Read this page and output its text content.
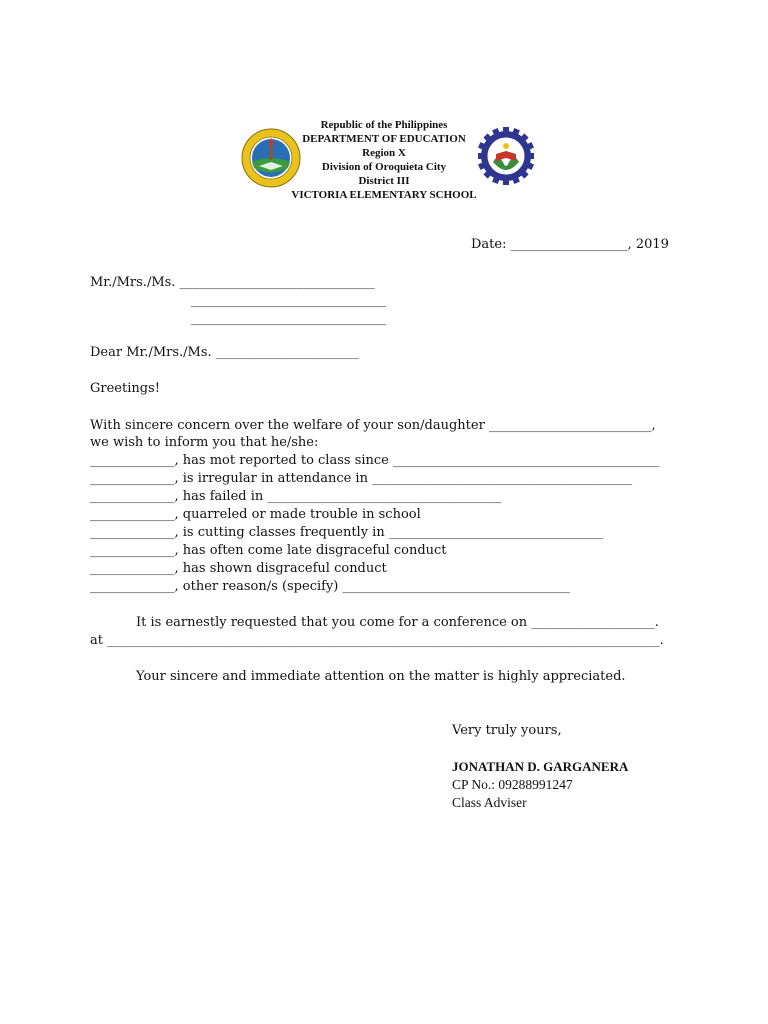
Republic of the Philippines
DEPARTMENT OF EDUCATION
Region X
Division of Oroquieta City
District III
VICTORIA ELEMENTARY SCHOOL
Date: __________________, 2019
Mr./Mrs./Ms. ______________________________
______________________________
______________________________
Dear Mr./Mrs./Ms. ______________________
Greetings!
With sincere concern over the welfare of your son/daughter _________________________,
we wish to inform you that he/she:
_____________, has mot reported to class since _________________________________________
_____________, is irregular in attendance in ________________________________________
_____________, has failed in ____________________________________
_____________, quarreled or made trouble in school
_____________, is cutting classes frequently in _________________________________
_____________, has often come late disgraceful conduct
_____________, has shown disgraceful conduct
_____________, other reason/s (specify) ___________________________________
It is earnestly requested that you come for a conference on ___________________.
at _____________________________________________________________________________________.
Your sincere and immediate attention on the matter is highly appreciated.
Very truly yours,
JONATHAN D. GARGANERA
CP No.: 09288991247
Class Adviser
